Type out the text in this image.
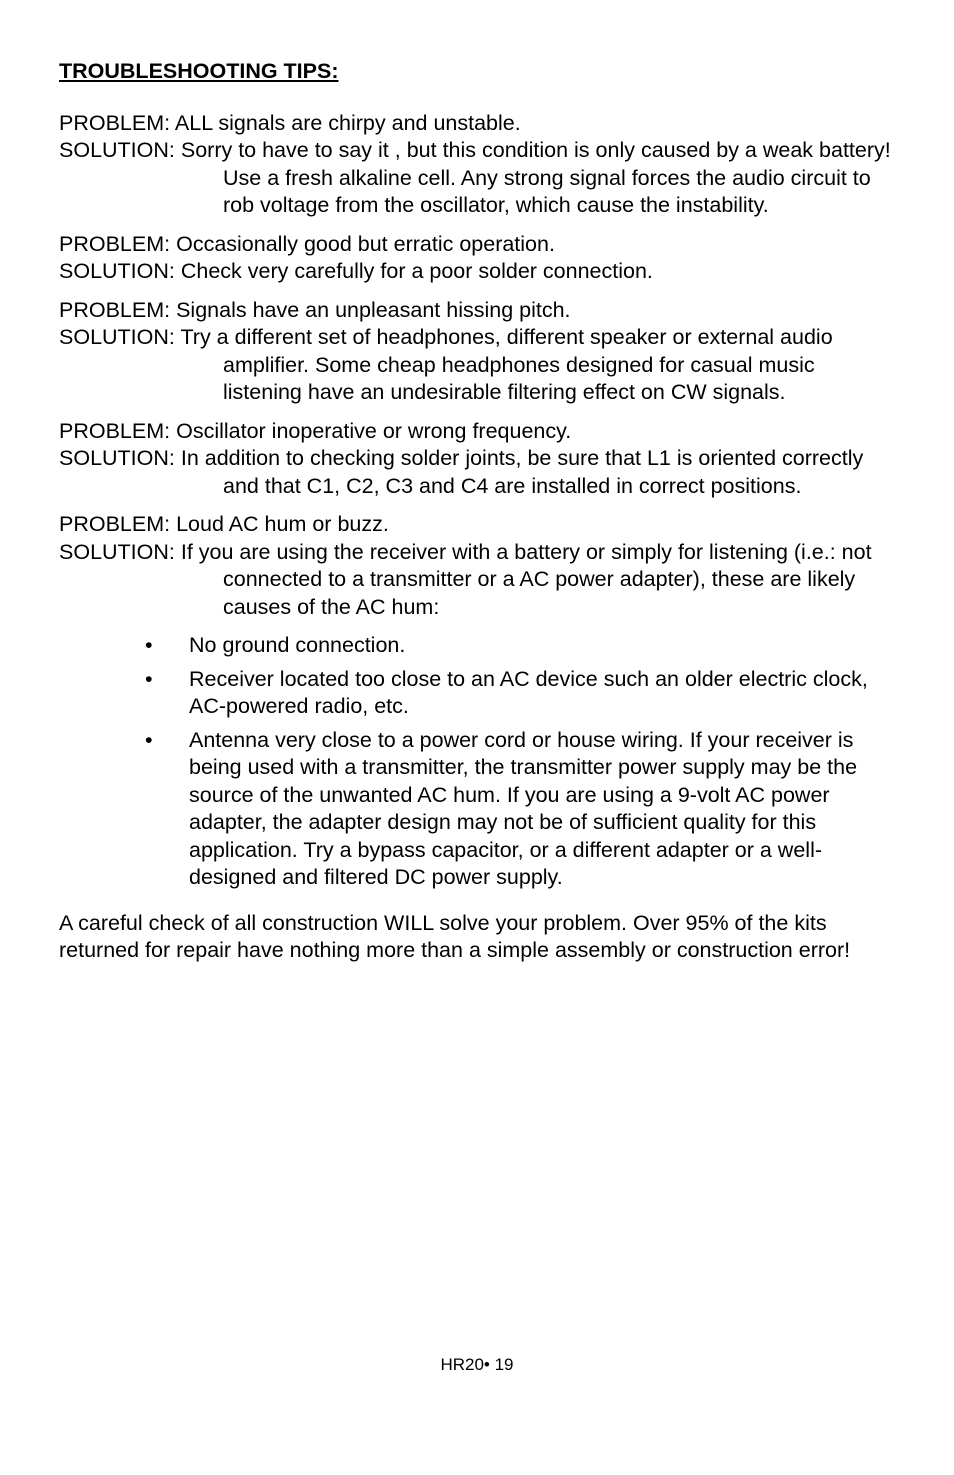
TROUBLESHOOTING TIPS:
PROBLEM: ALL signals are chirpy and unstable.
SOLUTION: Sorry to have to say it , but this condition is only caused by a weak battery! Use a fresh alkaline cell. Any strong signal forces the audio circuit to rob voltage from the oscillator, which cause the instability.
PROBLEM: Occasionally good but erratic operation.
SOLUTION: Check very carefully for a poor solder connection.
PROBLEM: Signals have an unpleasant hissing pitch.
SOLUTION: Try a different set of headphones, different speaker or external audio amplifier. Some cheap headphones designed for casual music listening have an undesirable filtering effect on CW signals.
PROBLEM: Oscillator inoperative or wrong frequency.
SOLUTION: In addition to checking solder joints, be sure that L1 is oriented correctly and that C1, C2, C3 and C4 are installed in correct positions.
PROBLEM: Loud AC hum or buzz.
SOLUTION: If you are using the receiver with a battery or simply for listening (i.e.: not connected to a transmitter or a AC power adapter), these are likely causes of the AC hum:
• No ground connection.
• Receiver located too close to an AC device such an older electric clock, AC-powered radio, etc.
• Antenna very close to a power cord or house wiring. If your receiver is being used with a transmitter, the transmitter power supply may be the source of the unwanted AC hum. If you are using a 9-volt AC power adapter, the adapter design may not be of sufficient quality for this application. Try a bypass capacitor, or a different adapter or a well-designed and filtered DC power supply.
A careful check of all construction WILL solve your problem. Over 95% of the kits returned for repair have nothing more than a simple assembly or construction error!
HR20• 19
